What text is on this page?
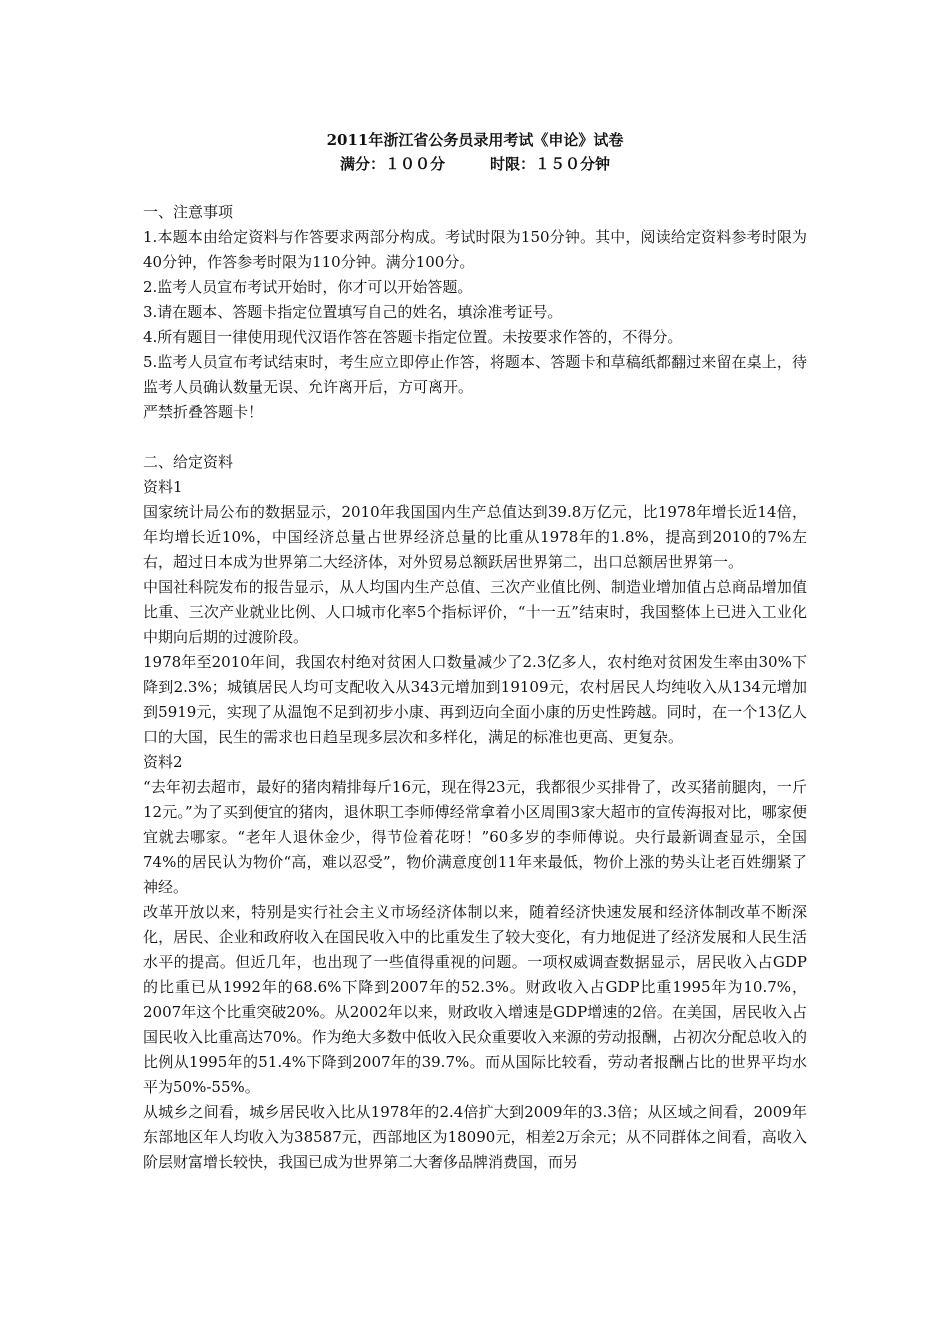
2011年浙江省公务员录用考试《申论》试卷
满分：１００分　　　时限：１５０分钟

一、注意事项

1.本题本由给定资料与作答要求两部分构成。考试时限为150分钟。其中，阅读给定资料参考时限为40分钟，作答参考时限为110分钟。满分100分。

2.监考人员宣布考试开始时，你才可以开始答题。

3.请在题本、答题卡指定位置填写自己的姓名，填涂准考证号。

4.所有题目一律使用现代汉语作答在答题卡指定位置。未按要求作答的，不得分。

5.监考人员宣布考试结束时，考生应立即停止作答，将题本、答题卡和草稿纸都翻过来留在桌上，待监考人员确认数量无误、允许离开后，方可离开。

严禁折叠答题卡！

二、给定资料

资料1

国家统计局公布的数据显示，2010年我国国内生产总值达到39.8万亿元，比1978年增长近14倍，年均增长近10%，中国经济总量占世界经济总量的比重从1978年的1.8%，提高到2010的7%左右，超过日本成为世界第二大经济体，对外贸易总额跃居世界第二，出口总额居世界第一。

中国社科院发布的报告显示，从人均国内生产总值、三次产业值比例、制造业增加值占总商品增加值比重、三次产业就业比例、人口城市化率5个指标评价，“十一五”结束时，我国整体上已进入工业化中期向后期的过渡阶段。

1978年至2010年间，我国农村绝对贫困人口数量减少了2.3亿多人，农村绝对贫困发生率由30%下降到2.3%；城镇居民人均可支配收入从343元增加到19109元，农村居民人均纯收入从134元增加到5919元，实现了从温饱不足到初步小康、再到迈向全面小康的历史性跨越。同时，在一个13亿人口的大国，民生的需求也日趋呈现多层次和多样化，满足的标准也更高、更复杂。

资料2

“去年初去超市，最好的猪肉精排每斤16元，现在得23元，我都很少买排骨了，改买猪前腿肉，一斤12元。”为了买到便宜的猪肉，退休职工李师傅经常拿着小区周围3家大超市的宣传海报对比，哪家便宜就去哪家。“老年人退休金少，得节俭着花呀！”60多岁的李师傅说。央行最新调查显示，全国74%的居民认为物价“高，难以忍受”，物价满意度创11年来最低，物价上涨的势头让老百姓绷紧了神经。

改革开放以来，特别是实行社会主义市场经济体制以来，随着经济快速发展和经济体制改革不断深化，居民、企业和政府收入在国民收入中的比重发生了较大变化，有力地促进了经济发展和人民生活水平的提高。但近几年，也出现了一些值得重视的问题。一项权威调查数据显示，居民收入占GDP的比重已从1992年的68.6%下降到2007年的52.3%。财政收入占GDP比重1995年为10.7%，2007年这个比重突破20%。从2002年以来，财政收入增速是GDP增速的2倍。在美国，居民收入占国民收入比重高达70%。作为绝大多数中低收入民众重要收入来源的劳动报酬，占初次分配总收入的比例从1995年的51.4%下降到2007年的39.7%。而从国际比较看，劳动者报酬占比的世界平均水平为50%-55%。

从城乡之间看，城乡居民收入比从1978年的2.4倍扩大到2009年的3.3倍；从区域之间看，2009年东部地区年人均收入为38587元，西部地区为18090元，相差2万余元；从不同群体之间看，高收入阶层财富增长较快，我国已成为世界第二大奢侈品牌消费国，而另
